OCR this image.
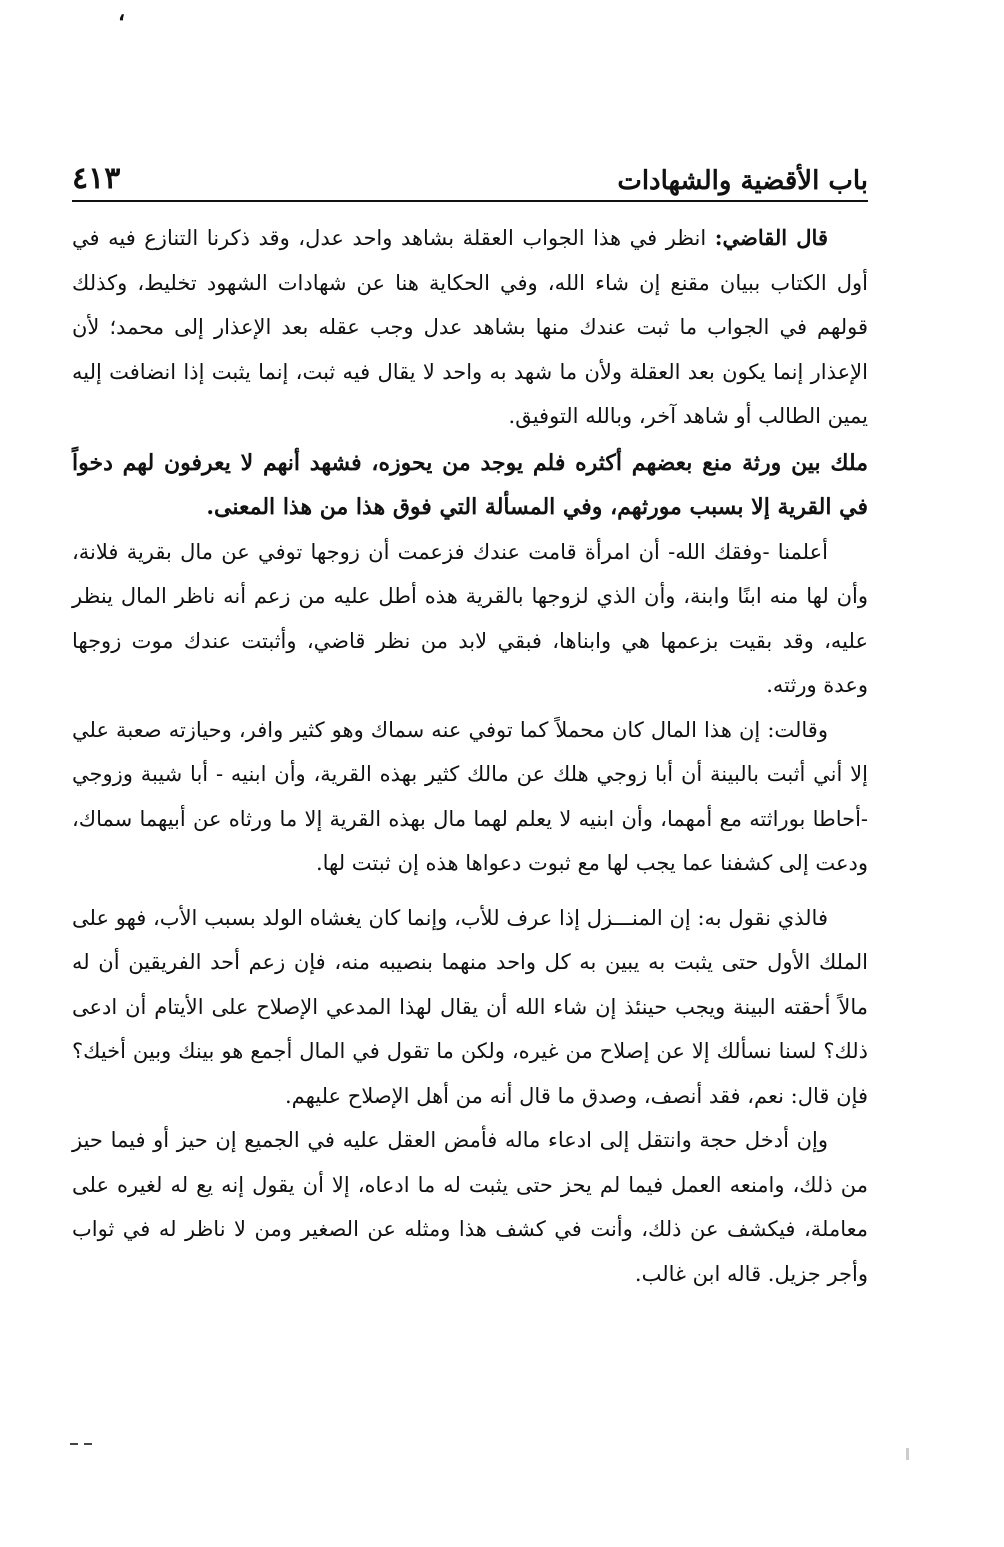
،
باب الأقضية والشهادات
٤١٣

قال القاضي: انظر في هذا الجواب العقلة بشاهد واحد عدل، وقد ذكرنا التنازع فيه في أول الكتاب ببيان مقنع إن شاء الله، وفي الحكاية هنا عن شهادات الشهود تخليط، وكذلك قولهم في الجواب ما ثبت عندك منها بشاهد عدل وجب عقله بعد الإعذار إلى محمد؛ لأن الإعذار إنما يكون بعد العقلة ولأن ما شهد به واحد لا يقال فيه ثبت، إنما يثبت إذا انضافت إليه يمين الطالب أو شاهد آخر، وبالله التوفيق.

ملك بين ورثة منع بعضهم أكثره فلم يوجد من يحوزه، فشهد أنهم لا يعرفون لهم دخواً في القرية إلا بسبب مورثهم، وفي المسألة التي فوق هذا من هذا المعنى.

أعلمنا -وفقك الله- أن امرأة قامت عندك فزعمت أن زوجها توفي عن مال بقرية فلانة، وأن لها منه ابنًا وابنة، وأن الذي لزوجها بالقرية هذه أطل عليه من زعم أنه ناظر المال ينظر عليه، وقد بقيت بزعمها هي وابناها، فبقي لابد من نظر قاضي، وأثبتت عندك موت زوجها وعدة ورثته.

وقالت: إن هذا المال كان محملاً كما توفي عنه سماك وهو كثير وافر، وحيازته صعبة علي إلا أني أثبت بالبينة أن أبا زوجي هلك عن مالك كثير بهذه القرية، وأن ابنيه - أبا شيبة وزوجي -أحاطا بوراثته مع أمهما، وأن ابنيه لا يعلم لهما مال بهذه القرية إلا ما ورثاه عن أبيهما سماك، ودعت إلى كشفنا عما يجب لها مع ثبوت دعواها هذه إن ثبتت لها.

فالذي نقول به: إن المنـــزل إذا عرف للأب، وإنما كان يغشاه الولد بسبب الأب، فهو على الملك الأول حتى يثبت به يبين به كل واحد منهما بنصيبه منه، فإن زعم أحد الفريقين أن له مالاً أحقته البينة ويجب حينئذ إن شاء الله أن يقال لهذا المدعي الإصلاح على الأيتام أن ادعى ذلك؟ لسنا نسألك إلا عن إصلاح من غيره، ولكن ما تقول في المال أجمع هو بينك وبين أخيك؟ فإن قال: نعم، فقد أنصف، وصدق ما قال أنه من أهل الإصلاح عليهم.

وإن أدخل حجة وانتقل إلى ادعاء ماله فأمض العقل عليه في الجميع إن حيز أو فيما حيز من ذلك، وامنعه العمل فيما لم يحز حتى يثبت له ما ادعاه، إلا أن يقول إنه يع له لغيره على معاملة، فيكشف عن ذلك، وأنت في كشف هذا ومثله عن الصغير ومن لا ناظر له في ثواب وأجر جزيل. قاله ابن غالب.
